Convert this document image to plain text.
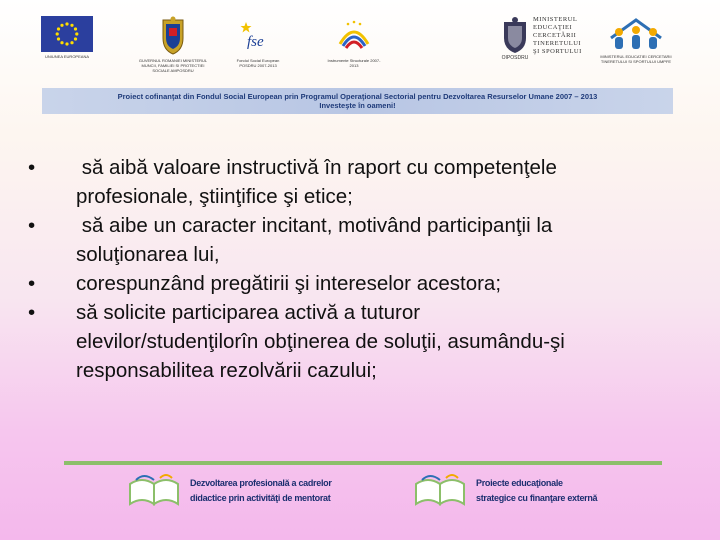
UNIUNEA EUROPEANA
GUVERNUL ROMANIEI MINISTERUL MUNCII, FAMILIEI SI PROTECTIEI SOCIALE AMPOSDRU
fse
Fondul Social European POSDRU 2007-2013
Instrumente Structurale 2007-2013
OIPOSDRU
MINISTERUL EDUCAŢIEI CERCETĂRII TINERETULUI ŞI SPORTULUI
MINISTERUL EDUCATIEI CERCETARII TINERETULUI SI SPORTULUI UMPFE
Proiect cofinanţat din Fondul Social European prin Programul Operaţional Sectorial pentru Dezvoltarea Resurselor Umane 2007 – 2013
Investeşte în oameni!
• să aibă valoare instructivă în raport cu competenţele
profesionale, ştiinţifice şi etice;
• să aibe un caracter incitant, motivând participanţii la
soluţionarea lui,
• corespunzând pregătirii şi intereselor acestora;
• să solicite participarea activă a tuturor
elevilor/studenţilorîn obţinerea de soluţii, asumându-şi
responsabilitea rezolvării cazului;
Dezvoltarea profesională a cadrelor
didactice prin activităţi de mentorat
Proiecte educaţionale
strategice cu finanţare externă
